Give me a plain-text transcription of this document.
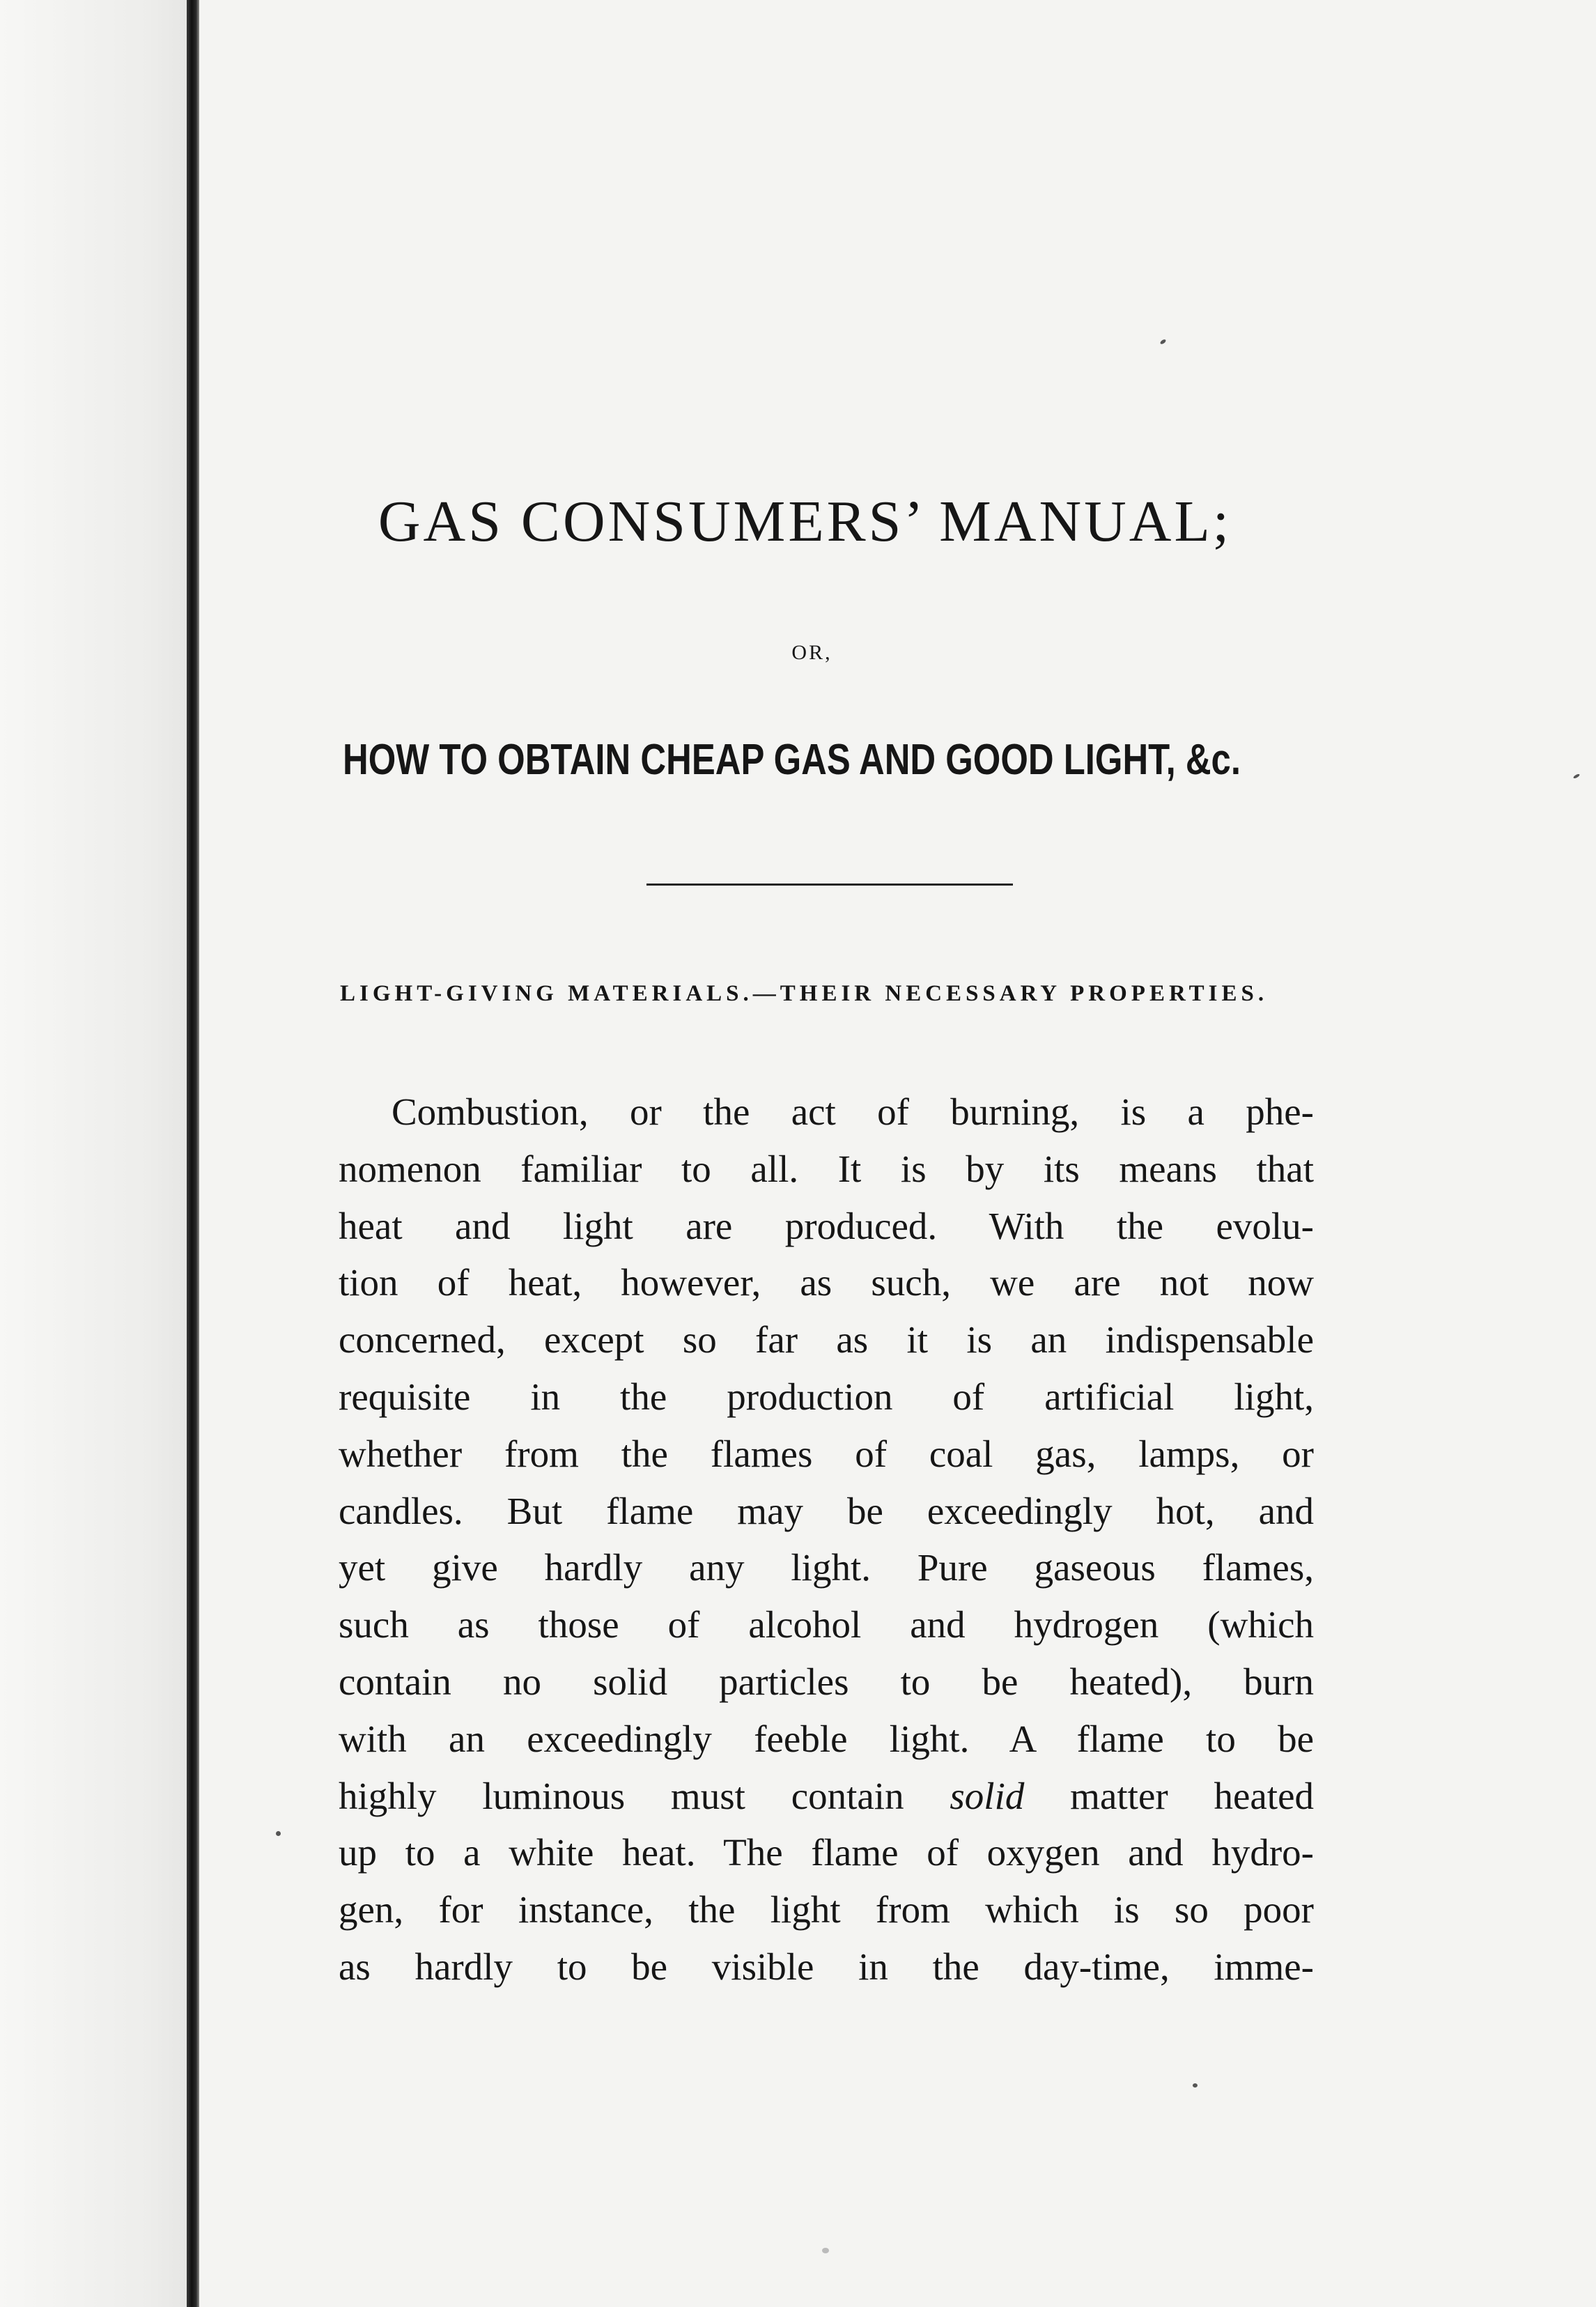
GAS CONSUMERS’ MANUAL;
OR,
HOW TO OBTAIN CHEAP GAS AND GOOD LIGHT, &c.
LIGHT-GIVING MATERIALS.—THEIR NECESSARY PROPERTIES.
Combustion, or the act of burning, is a phe-
nomenon familiar to all. It is by its means that
heat and light are produced. With the evolu-
tion of heat, however, as such, we are not now
concerned, except so far as it is an indispensable
requisite in the production of artificial light,
whether from the flames of coal gas, lamps, or
candles. But flame may be exceedingly hot, and
yet give hardly any light. Pure gaseous flames,
such as those of alcohol and hydrogen (which
contain no solid particles to be heated), burn
with an exceedingly feeble light. A flame to be
highly luminous must contain solid matter heated
up to a white heat. The flame of oxygen and hydro-
gen, for instance, the light from which is so poor
as hardly to be visible in the day-time, imme-
